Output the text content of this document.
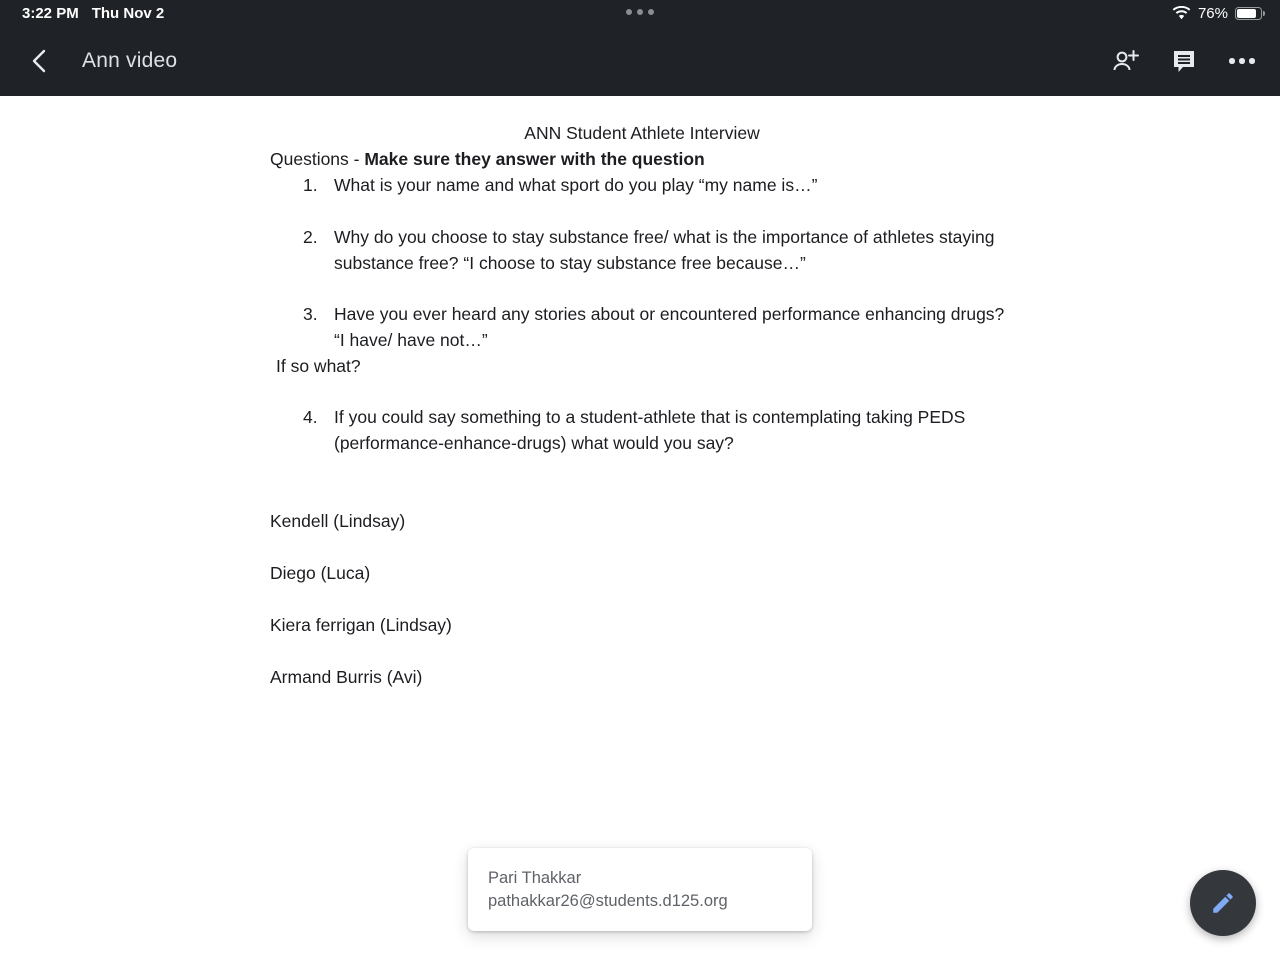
3:22 PM Thu Nov 2	76%
Ann video
ANN Student Athlete Interview
Questions - Make sure they answer with the question
1. What is your name and what sport do you play “my name is…”
2. Why do you choose to stay substance free/ what is the importance of athletes staying substance free? “I choose to stay substance free because…”
3. Have you ever heard any stories about or encountered performance enhancing drugs? “I have/ have not…”
If so what?
4. If you could say something to a student-athlete that is contemplating taking PEDS (performance-enhance-drugs) what would you say?
Kendell (Lindsay)
Diego (Luca)
Kiera ferrigan (Lindsay)
Armand Burris (Avi)
Pari Thakkar
pathakkar26@students.d125.org
